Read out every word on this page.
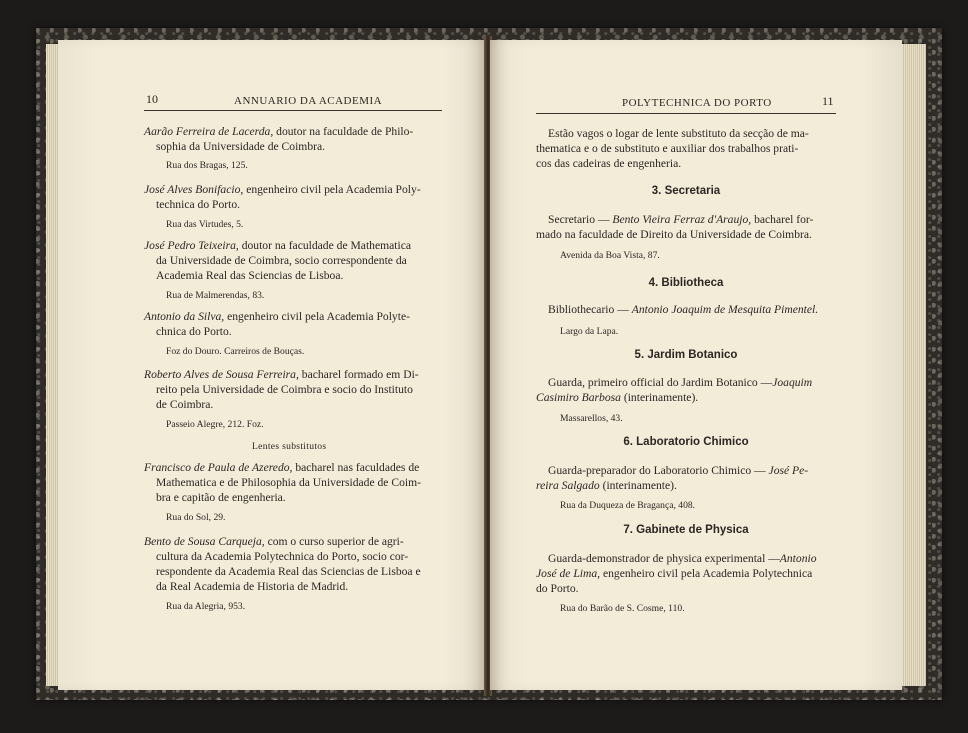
10	ANNUARIO DA ACADEMIA
Aarão Ferreira de Lacerda, doutor na faculdade de Philo-
sophia da Universidade de Coimbra.
Rua dos Bragas, 125.
José Alves Bonifacio, engenheiro civil pela Academia Poly-
technica do Porto.
Rua das Virtudes, 5.
José Pedro Teixeira, doutor na faculdade de Mathematica
da Universidade de Coimbra, socio correspondente da
Academia Real das Sciencias de Lisboa.
Rua de Malmerendas, 83.
Antonio da Silva, engenheiro civil pela Academia Polyte-
chnica do Porto.
Foz do Douro. Carreiros de Bouças.
Roberto Alves de Sousa Ferreira, bacharel formado em Di-
reito pela Universidade de Coimbra e socio do Instituto
de Coimbra.
Passeio Alegre, 212. Foz.
Lentes substitutos
Francisco de Paula de Azeredo, bacharel nas faculdades de
Mathematica e de Philosophia da Universidade de Coim-
bra e capitão de engenheria.
Rua do Sol, 29.
Bento de Sousa Carqueja, com o curso superior de agri-
cultura da Academia Polytechnica do Porto, socio cor-
respondente da Academia Real das Sciencias de Lisboa e
da Real Academia de Historia de Madrid.
Rua da Alegria, 953.
POLYTECHNICA DO PORTO	11
Estão vagos o logar de lente substituto da secção de ma-
thematica e o de substituto e auxiliar dos trabalhos prati-
cos das cadeiras de engenheria.
3. Secretaria
Secretario — Bento Vieira Ferraz d'Araujo, bacharel for-
mado na faculdade de Direito da Universidade de Coimbra.
Avenida da Boa Vista, 87.
4. Bibliotheca
Bibliothecario — Antonio Joaquim de Mesquita Pimentel.
Largo da Lapa.
5. Jardim Botanico
Guarda, primeiro official do Jardim Botanico —Joaquim
Casimiro Barbosa (interinamente).
Massarellos, 43.
6. Laboratorio Chimico
Guarda-preparador do Laboratorio Chimico — José Pe-
reira Salgado (interinamente).
Rua da Duqueza de Bragança, 408.
7. Gabinete de Physica
Guarda-demonstrador de physica experimental —Antonio
José de Lima, engenheiro civil pela Academia Polytechnica
do Porto.
Rua do Barão de S. Cosme, 110.
